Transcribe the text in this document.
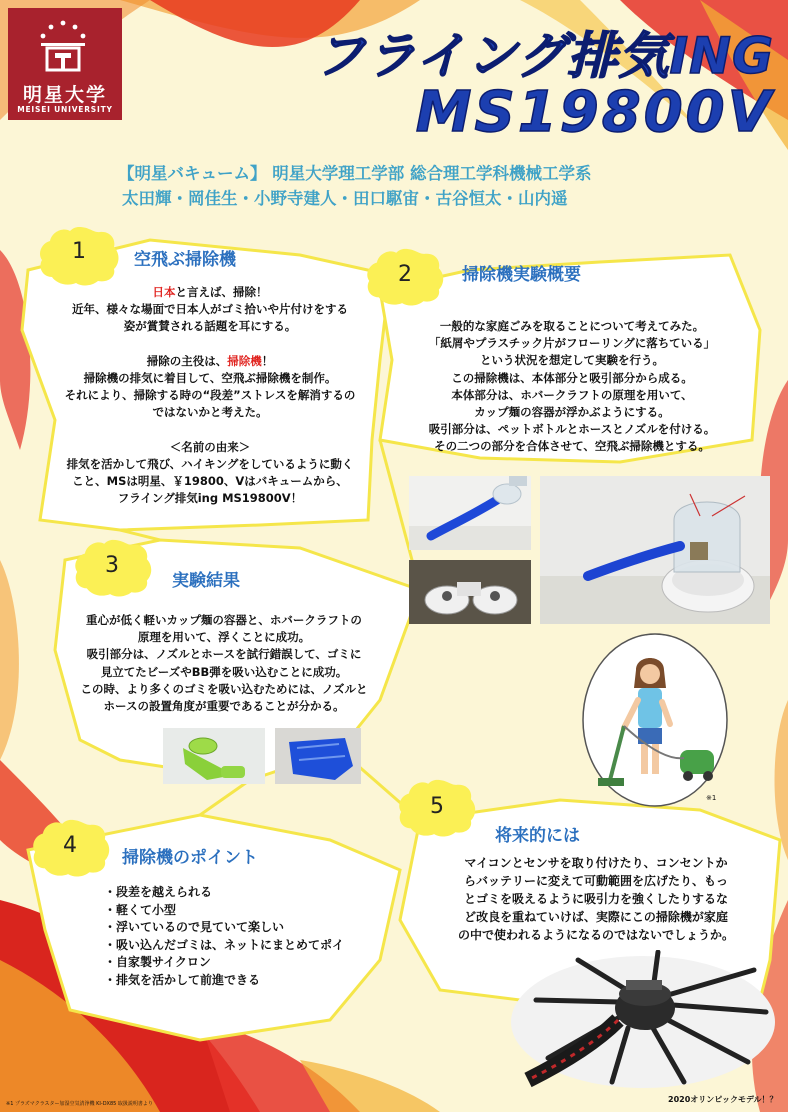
明星大学
MEISEI UNIVERSITY
フライング排気ING
MS19800V
【明星バキューム】 明星大学理工学部 総合理工学科機械工学系
太田輝・岡佳生・小野寺建人・田口駆宙・古谷恒太・山内遥
1	空飛ぶ掃除機
日本と言えば、掃除！
近年、様々な場面で日本人がゴミ拾いや片付けをする
姿が賞賛される話題を耳にする。

掃除の主役は、掃除機！
掃除機の排気に着目して、空飛ぶ掃除機を制作。
それにより、掃除する時の“段差”ストレスを解消するの
ではないかと考えた。

＜名前の由来＞
排気を活かして飛び、ハイキングをしているように動く
こと、MSは明星、￥19800、Vはバキュームから、
フライング排気ing MS19800V！
2	掃除機実験概要
一般的な家庭ごみを取ることについて考えてみた。
「紙屑やプラスチック片がフローリングに落ちている」
という状況を想定して実験を行う。
この掃除機は、本体部分と吸引部分から成る。
本体部分は、ホバークラフトの原理を用いて、
カップ麺の容器が浮かぶようにする。
吸引部分は、ペットボトルとホースとノズルを付ける。
その二つの部分を合体させて、空飛ぶ掃除機とする。
3
実験結果
重心が低く軽いカップ麺の容器と、ホバークラフトの
原理を用いて、浮くことに成功。
吸引部分は、ノズルとホースを試行錯誤して、ゴミに
見立てたビーズやBB弾を吸い込むことに成功。
この時、より多くのゴミを吸い込むためには、ノズルと
ホースの設置角度が重要であることが分かる。
※1
4	掃除機のポイント
・段差を越えられる
・軽くて小型
・浮いているので見ていて楽しい
・吸い込んだゴミは、ネットにまとめてポイ
・自家製サイクロン
・排気を活かして前進できる
5
将来的には
マイコンとセンサを取り付けたり、コンセントか
らバッテリーに変えて可動範囲を広げたり、もっ
とゴミを吸えるように吸引力を強くしたりするな
ど改良を重ねていけば、実際にこの掃除機が家庭
の中で使われるようになるのではないでしょうか。
2020オリンピックモデル！？
※1 プラズマクラスター加湿空気清浄機 KI-DX85 取扱説明書より
